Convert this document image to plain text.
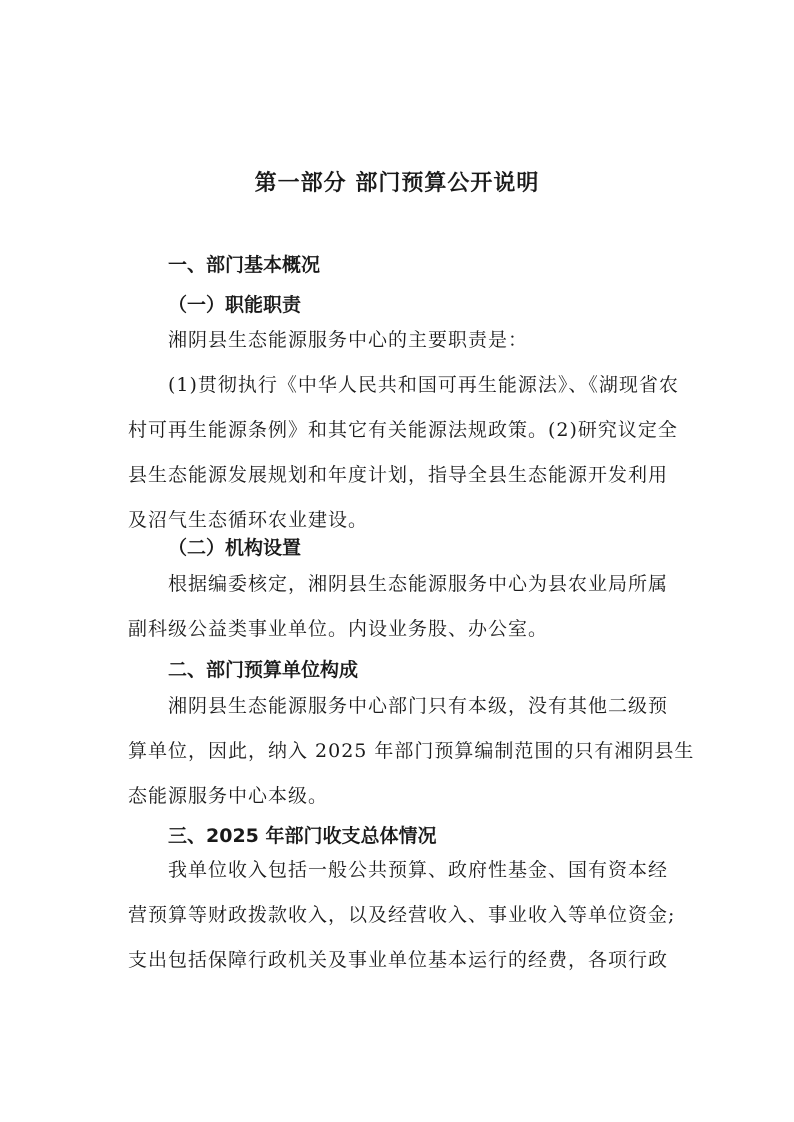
第一部分 部门预算公开说明
一、部门基本概况
（一）职能职责
湘阴县生态能源服务中心的主要职责是：
(1)贯彻执行《中华人民共和国可再生能源法》、《湖现省农
村可再生能源条例》和其它有关能源法规政策。(2)研究议定全
县生态能源发展规划和年度计划，指导全县生态能源开发利用
及沼气生态循环农业建设。
（二）机构设置
根据编委核定，湘阴县生态能源服务中心为县农业局所属
副科级公益类事业单位。内设业务股、办公室。
二、部门预算单位构成
湘阴县生态能源服务中心部门只有本级，没有其他二级预
算单位，因此，纳入 2025 年部门预算编制范围的只有湘阴县生
态能源服务中心本级。
三、2025 年部门收支总体情况
我单位收入包括一般公共预算、政府性基金、国有资本经
营预算等财政拨款收入，以及经营收入、事业收入等单位资金;
支出包括保障行政机关及事业单位基本运行的经费，各项行政
